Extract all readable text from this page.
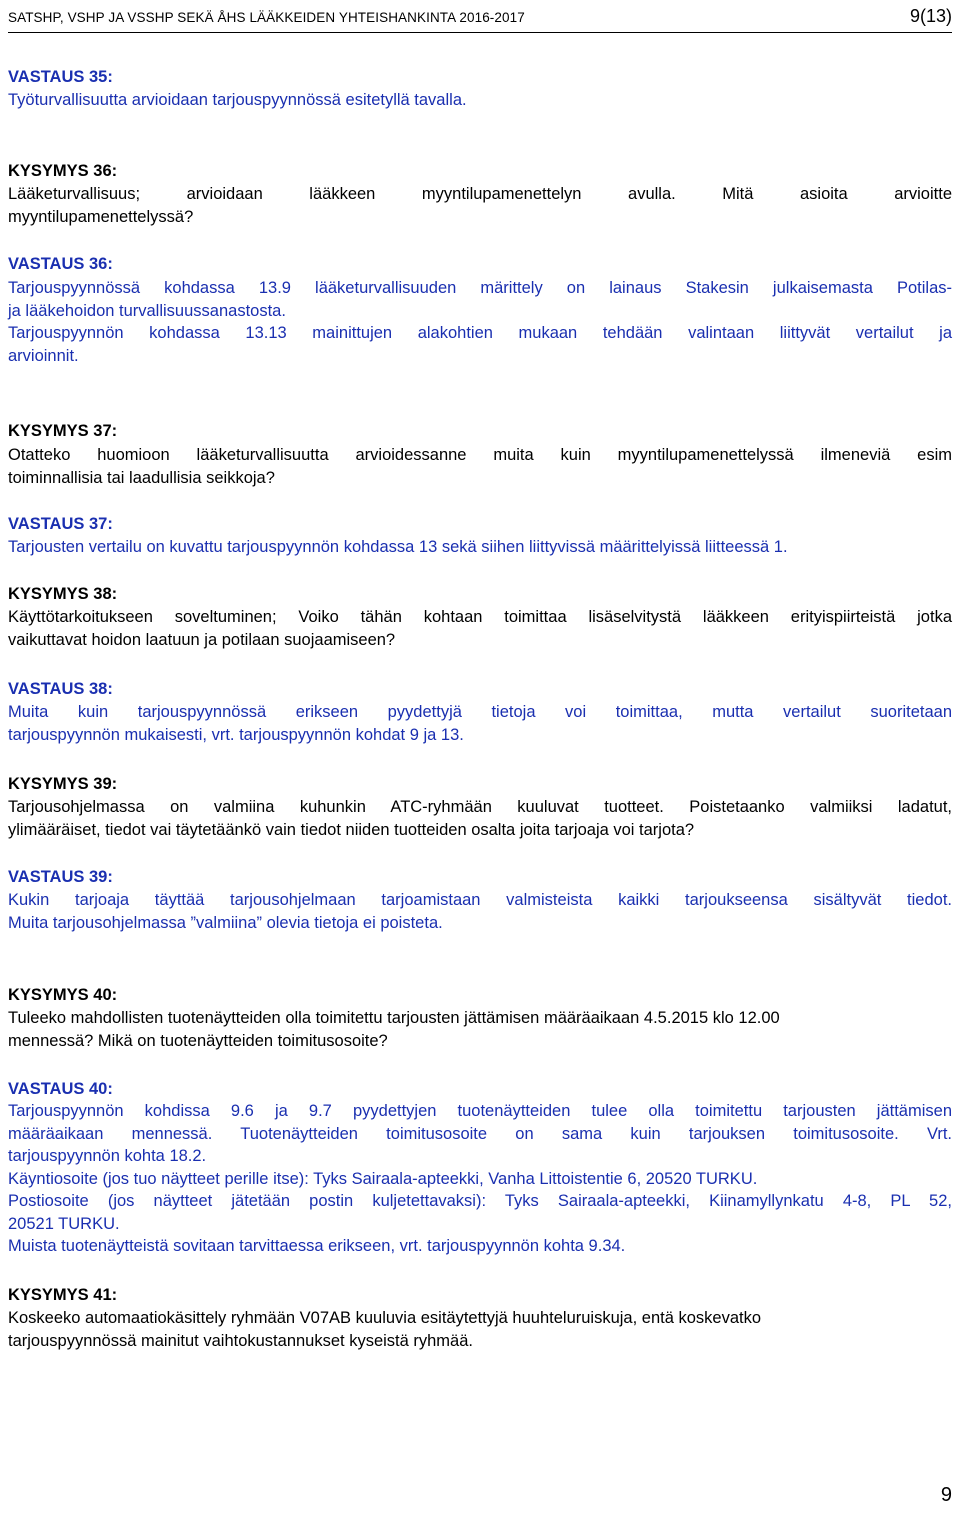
SATSHP, VSHP JA VSSHP SEKÄ ÅHS LÄÄKKEIDEN YHTEISHANKINTA 2016-2017	9(13)
VASTAUS 35:
Työturvallisuutta arvioidaan tarjouspyynnössä esitetyllä tavalla.
KYSYMYS 36:
Lääketurvallisuus; arvioidaan lääkkeen myyntilupamenettelyn avulla. Mitä asioita arvioitte
myyntilupamenettelyssä?
VASTAUS 36:
Tarjouspyynnössä kohdassa 13.9 lääketurvallisuuden märittely on lainaus Stakesin julkaisemasta Potilas-
ja lääkehoidon turvallisuussanastosta.
Tarjouspyynnön kohdassa 13.13 mainittujen alakohtien mukaan tehdään valintaan liittyvät vertailut ja
arvioinnit.
KYSYMYS 37:
Otatteko huomioon lääketurvallisuutta arvioidessanne muita kuin myyntilupamenettelyssä ilmeneviä esim
toiminnallisia tai laadullisia seikkoja?
VASTAUS 37:
Tarjousten vertailu on kuvattu tarjouspyynnön kohdassa 13 sekä siihen liittyvissä määrittelyissä liitteessä 1.
KYSYMYS 38:
Käyttötarkoitukseen soveltuminen; Voiko tähän kohtaan toimittaa lisäselvitystä lääkkeen erityispiirteistä jotka
vaikuttavat hoidon laatuun ja potilaan suojaamiseen?
VASTAUS 38:
Muita kuin tarjouspyynnössä erikseen pyydettyjä tietoja voi toimittaa, mutta vertailut suoritetaan
tarjouspyynnön mukaisesti, vrt. tarjouspyynnön kohdat 9 ja 13.
KYSYMYS 39:
Tarjousohjelmassa on valmiina kuhunkin ATC-ryhmään kuuluvat tuotteet. Poistetaanko valmiiksi ladatut,
ylimääräiset, tiedot vai täytetäänkö vain tiedot niiden tuotteiden osalta joita tarjoaja voi tarjota?
VASTAUS 39:
Kukin tarjoaja täyttää tarjousohjelmaan tarjoamistaan valmisteista kaikki tarjoukseensa sisältyvät tiedot.
Muita tarjousohjelmassa ”valmiina” olevia tietoja ei poisteta.
KYSYMYS 40:
Tuleeko mahdollisten tuotenäytteiden olla toimitettu tarjousten jättämisen määräaikaan 4.5.2015 klo 12.00
mennessä? Mikä on tuotenäytteiden toimitusosoite?
VASTAUS 40:
Tarjouspyynnön kohdissa 9.6 ja 9.7 pyydettyjen tuotenäytteiden tulee olla toimitettu tarjousten jättämisen
määräaikaan mennessä. Tuotenäytteiden toimitusosoite on sama kuin tarjouksen toimitusosoite. Vrt.
tarjouspyynnön kohta 18.2.
Käyntiosoite (jos tuo näytteet perille itse): Tyks Sairaala-apteekki, Vanha Littoistentie 6, 20520 TURKU.
Postiosoite (jos näytteet jätetään postin kuljetettavaksi): Tyks Sairaala-apteekki, Kiinamyllynkatu 4-8, PL 52,
20521 TURKU.
Muista tuotenäytteistä sovitaan tarvittaessa erikseen, vrt. tarjouspyynnön kohta 9.34.
KYSYMYS 41:
Koskeeko automaatiokäsittely ryhmään V07AB kuuluvia esitäytettyjä huuhteluruiskuja, entä koskevatko
tarjouspyynnössä mainitut vaihtokustannukset kyseistä ryhmää.
9
